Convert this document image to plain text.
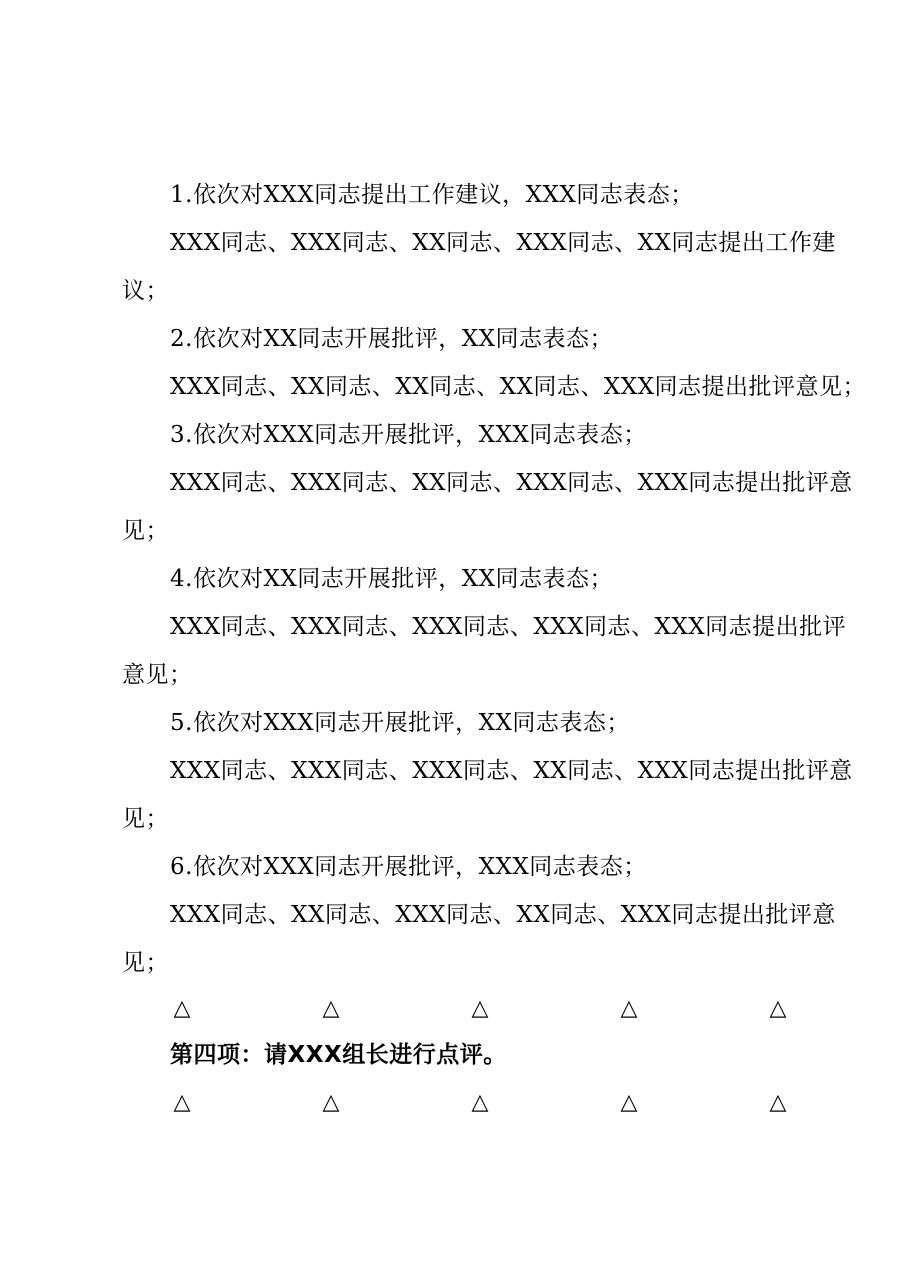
1.依次对XXX同志提出工作建议，XXX同志表态；
XXX同志、XXX同志、XX同志、XXX同志、XX同志提出工作建
议；
2.依次对XX同志开展批评，XX同志表态；
XXX同志、XX同志、XX同志、XX同志、XXX同志提出批评意见；
3.依次对XXX同志开展批评，XXX同志表态；
XXX同志、XXX同志、XX同志、XXX同志、XXX同志提出批评意
见；
4.依次对XX同志开展批评，XX同志表态；
XXX同志、XXX同志、XXX同志、XXX同志、XXX同志提出批评
意见；
5.依次对XXX同志开展批评，XX同志表态；
XXX同志、XXX同志、XXX同志、XX同志、XXX同志提出批评意
见；
6.依次对XXX同志开展批评，XXX同志表态；
XXX同志、XX同志、XXX同志、XX同志、XXX同志提出批评意
见；
△	△	△	△	△
第四项：请XXX组长进行点评。
△	△	△	△	△
